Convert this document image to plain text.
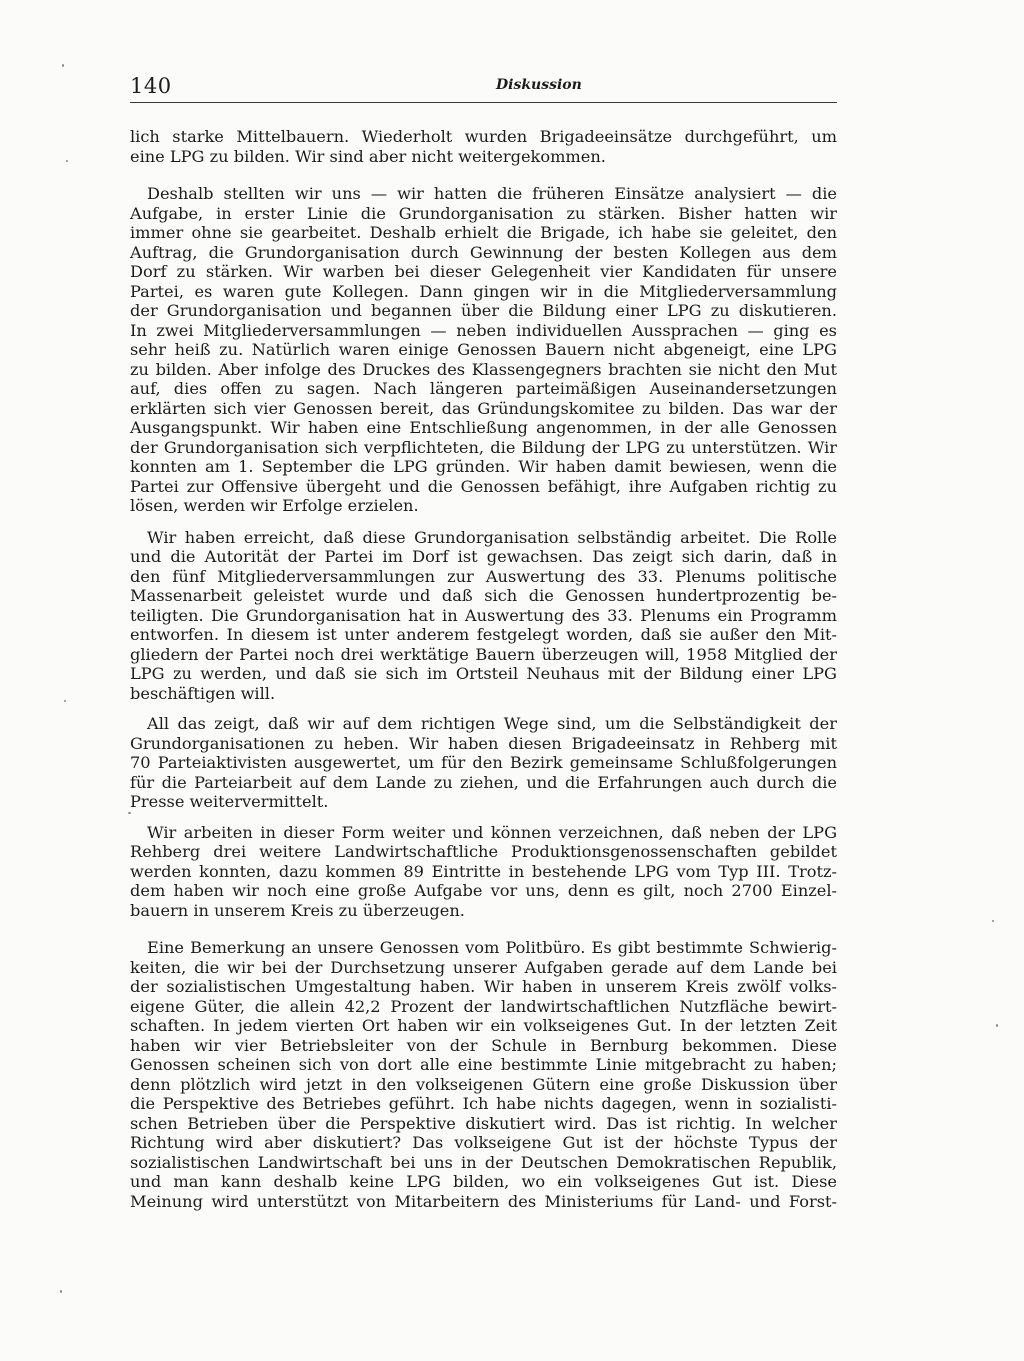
140	Diskussion

lich starke Mittelbauern. Wiederholt wurden Brigadeeinsätze durchgeführt, um
eine LPG zu bilden. Wir sind aber nicht weitergekommen.

Deshalb stellten wir uns — wir hatten die früheren Einsätze analysiert — die
Aufgabe, in erster Linie die Grundorganisation zu stärken. Bisher hatten wir
immer ohne sie gearbeitet. Deshalb erhielt die Brigade, ich habe sie geleitet, den
Auftrag, die Grundorganisation durch Gewinnung der besten Kollegen aus dem
Dorf zu stärken. Wir warben bei dieser Gelegenheit vier Kandidaten für unsere
Partei, es waren gute Kollegen. Dann gingen wir in die Mitgliederversammlung
der Grundorganisation und begannen über die Bildung einer LPG zu diskutieren.
In zwei Mitgliederversammlungen — neben individuellen Aussprachen — ging es
sehr heiß zu. Natürlich waren einige Genossen Bauern nicht abgeneigt, eine LPG
zu bilden. Aber infolge des Druckes des Klassengegners brachten sie nicht den Mut
auf, dies offen zu sagen. Nach längeren parteimäßigen Auseinandersetzungen
erklärten sich vier Genossen bereit, das Gründungskomitee zu bilden. Das war der
Ausgangspunkt. Wir haben eine Entschließung angenommen, in der alle Genossen
der Grundorganisation sich verpflichteten, die Bildung der LPG zu unterstützen. Wir
konnten am 1. September die LPG gründen. Wir haben damit bewiesen, wenn die
Partei zur Offensive übergeht und die Genossen befähigt, ihre Aufgaben richtig zu
lösen, werden wir Erfolge erzielen.

Wir haben erreicht, daß diese Grundorganisation selbständig arbeitet. Die Rolle
und die Autorität der Partei im Dorf ist gewachsen. Das zeigt sich darin, daß in
den fünf Mitgliederversammlungen zur Auswertung des 33. Plenums politische
Massenarbeit geleistet wurde und daß sich die Genossen hundertprozentig be-
teiligten. Die Grundorganisation hat in Auswertung des 33. Plenums ein Programm
entworfen. In diesem ist unter anderem festgelegt worden, daß sie außer den Mit-
gliedern der Partei noch drei werktätige Bauern überzeugen will, 1958 Mitglied der
LPG zu werden, und daß sie sich im Ortsteil Neuhaus mit der Bildung einer LPG
beschäftigen will.

All das zeigt, daß wir auf dem richtigen Wege sind, um die Selbständigkeit der
Grundorganisationen zu heben. Wir haben diesen Brigadeeinsatz in Rehberg mit
70 Parteiaktivisten ausgewertet, um für den Bezirk gemeinsame Schlußfolgerungen
für die Parteiarbeit auf dem Lande zu ziehen, und die Erfahrungen auch durch die
Presse weitervermittelt.

Wir arbeiten in dieser Form weiter und können verzeichnen, daß neben der LPG
Rehberg drei weitere Landwirtschaftliche Produktionsgenossenschaften gebildet
werden konnten, dazu kommen 89 Eintritte in bestehende LPG vom Typ III. Trotz-
dem haben wir noch eine große Aufgabe vor uns, denn es gilt, noch 2700 Einzel-
bauern in unserem Kreis zu überzeugen.

Eine Bemerkung an unsere Genossen vom Politbüro. Es gibt bestimmte Schwierig-
keiten, die wir bei der Durchsetzung unserer Aufgaben gerade auf dem Lande bei
der sozialistischen Umgestaltung haben. Wir haben in unserem Kreis zwölf volks-
eigene Güter, die allein 42,2 Prozent der landwirtschaftlichen Nutzfläche bewirt-
schaften. In jedem vierten Ort haben wir ein volkseigenes Gut. In der letzten Zeit
haben wir vier Betriebsleiter von der Schule in Bernburg bekommen. Diese
Genossen scheinen sich von dort alle eine bestimmte Linie mitgebracht zu haben;
denn plötzlich wird jetzt in den volkseigenen Gütern eine große Diskussion über
die Perspektive des Betriebes geführt. Ich habe nichts dagegen, wenn in sozialisti-
schen Betrieben über die Perspektive diskutiert wird. Das ist richtig. In welcher
Richtung wird aber diskutiert? Das volkseigene Gut ist der höchste Typus der
sozialistischen Landwirtschaft bei uns in der Deutschen Demokratischen Republik,
und man kann deshalb keine LPG bilden, wo ein volkseigenes Gut ist. Diese
Meinung wird unterstützt von Mitarbeitern des Ministeriums für Land- und Forst-
